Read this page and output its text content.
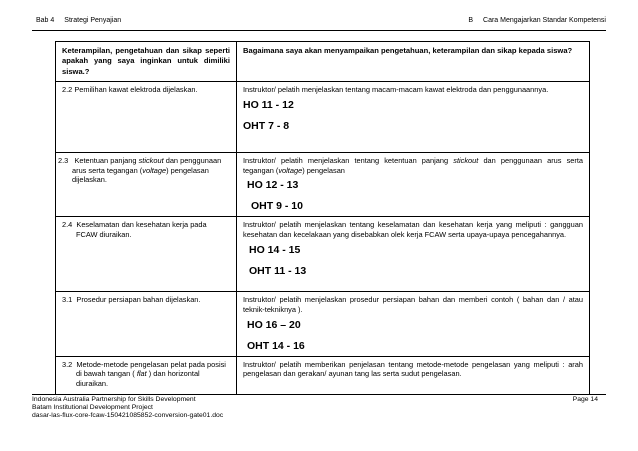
Bab 4 Strategi Penyajian	B Cara Mengajarkan Standar Kompetensi
Keterampilan, pengetahuan dan sikap seperti apakah yang saya inginkan untuk dimiliki siswa.?	Bagaimana saya akan menyampaikan pengetahuan, keterampilan dan sikap kepada siswa?

2.2 Pemilihan kawat elektroda dijelaskan.	Instruktor/ pelatih menjelaskan tentang macam-macam kawat elektroda dan penggunaannya.
HO 11 - 12
OHT 7 - 8

2.3 Ketentuan panjang stickout dan penggunaan arus serta tegangan (voltage) pengelasan dijelaskan.	Instruktor/ pelatih menjelaskan tentang ketentuan panjang stickout dan penggunaan arus serta tegangan (voltage) pengelasan
HO 12 - 13
OHT 9 - 10

2.4 Keselamatan dan kesehatan kerja pada FCAW diuraikan.	Instruktor/ pelatih menjelaskan tentang keselamatan dan kesehatan kerja yang meliputi : gangguan kesehatan dan kecelakaan yang disebabkan olek kerja FCAW serta upaya-upaya pencegahannya.
HO 14 - 15
OHT 11 - 13

3.1 Prosedur persiapan bahan dijelaskan.	Instruktor/ pelatih menjelaskan prosedur persiapan bahan dan memberi contoh ( bahan dan / atau teknik-tekniknya ).
HO 16 – 20
OHT 14 - 16

3.2 Metode-metode pengelasan pelat pada posisi di bawah tangan ( flat ) dan horizontal diuraikan.	Instruktor/ pelatih memberikan penjelasan tentang metode-metode pengelasan yang meliputi : arah pengelasan dan gerakan/ ayunan tang las serta sudut pengelasan.
Indonesia Australia Partnership for Skills Development
Batam Institutional Development Project
dasar-las-flux-core-fcaw-150421085852-conversion-gate01.doc
Page 14
